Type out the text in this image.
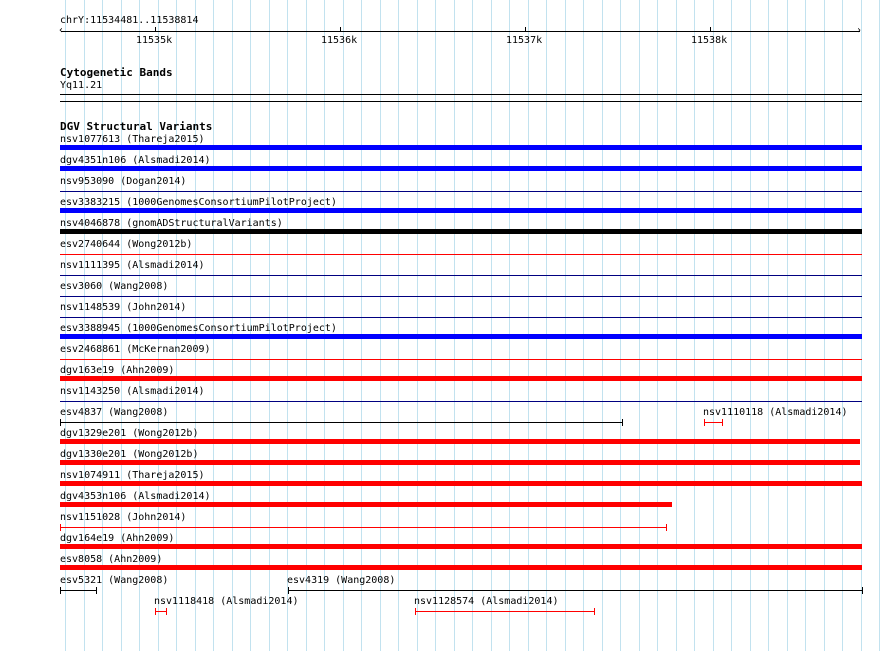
chrY:11534481..11538814
‹	›
11535k	11536k	11537k	11538k
Cytogenetic Bands
Yq11.21
DGV Structural Variants
nsv1077613 (Thareja2015)
dgv4351n106 (Alsmadi2014)
nsv953090 (Dogan2014)
esv3383215 (1000GenomesConsortiumPilotProject)
nsv4046878 (gnomADStructuralVariants)
esv2740644 (Wong2012b)
nsv1111395 (Alsmadi2014)
esv3060 (Wang2008)
nsv1148539 (John2014)
esv3388945 (1000GenomesConsortiumPilotProject)
esv2468861 (McKernan2009)
dgv163e19 (Ahn2009)
nsv1143250 (Alsmadi2014)
esv4837 (Wang2008)	nsv1110118 (Alsmadi2014)
dgv1329e201 (Wong2012b)
dgv1330e201 (Wong2012b)
nsv1074911 (Thareja2015)
dgv4353n106 (Alsmadi2014)
nsv1151028 (John2014)
dgv164e19 (Ahn2009)
esv8058 (Ahn2009)
esv5321 (Wang2008)	esv4319 (Wang2008)
nsv1118418 (Alsmadi2014)	nsv1128574 (Alsmadi2014)
